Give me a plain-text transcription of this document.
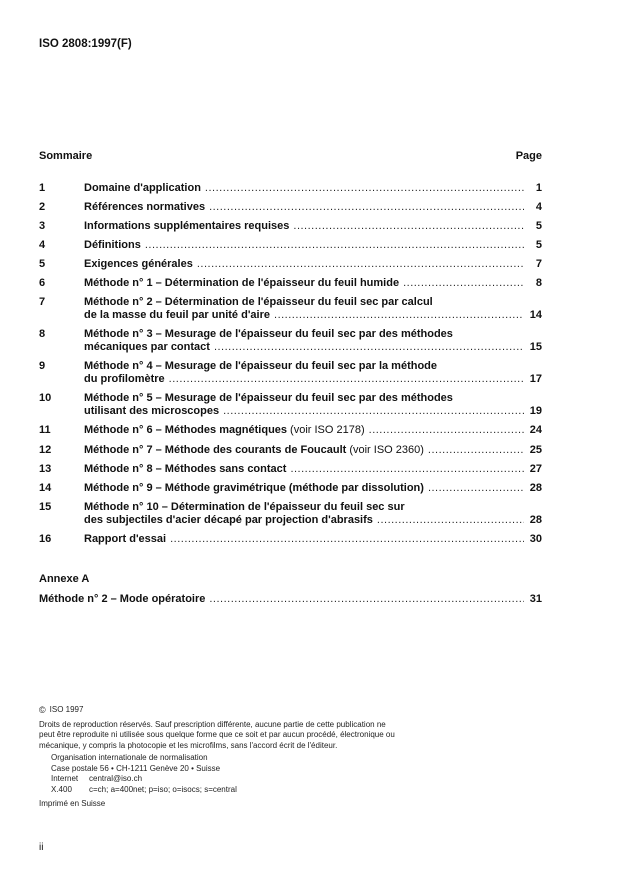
ISO 2808:1997(F)
Sommaire	Page
1	Domaine d'application .....	1
2	Références normatives .....	4
3	Informations supplémentaires requises .....	5
4	Définitions .....	5
5	Exigences générales .....	7
6	Méthode n° 1 – Détermination de l'épaisseur du feuil humide .....	8
7	Méthode n° 2 – Détermination de l'épaisseur du feuil sec par calcul
de la masse du feuil par unité d'aire .....	14
8	Méthode n° 3 – Mesurage de l'épaisseur du feuil sec par des méthodes
mécaniques par contact .....	15
9	Méthode n° 4 – Mesurage de l'épaisseur du feuil sec par la méthode
du profilomètre .....	17
10	Méthode n° 5 – Mesurage de l'épaisseur du feuil sec par des méthodes
utilisant des microscopes .....	19
11	Méthode n° 6 – Méthodes magnétiques (voir ISO 2178) .....	24
12	Méthode n° 7 – Méthode des courants de Foucault (voir ISO 2360) .....	25
13	Méthode n° 8 – Méthodes sans contact .....	27
14	Méthode n° 9 – Méthode gravimétrique (méthode par dissolution) .....	28
15	Méthode n° 10 – Détermination de l'épaisseur du feuil sec sur
des subjectiles d'acier décapé par projection d'abrasifs .....	28
16	Rapport d'essai .....	30
Annexe A
Méthode n° 2 – Mode opératoire .....	31

© ISO 1997

Droits de reproduction réservés. Sauf prescription différente, aucune partie de cette publication ne peut être reproduite ni utilisée sous quelque forme que ce soit et par aucun procédé, électronique ou mécanique, y compris la photocopie et les microfilms, sans l'accord écrit de l'éditeur.

Organisation internationale de normalisation

Case postale 56 • CH-1211 Genève 20 • Suisse

Internet	central@iso.ch

X.400	c=ch; a=400net; p=iso; o=isocs; s=central

Imprimé en Suisse

ii
